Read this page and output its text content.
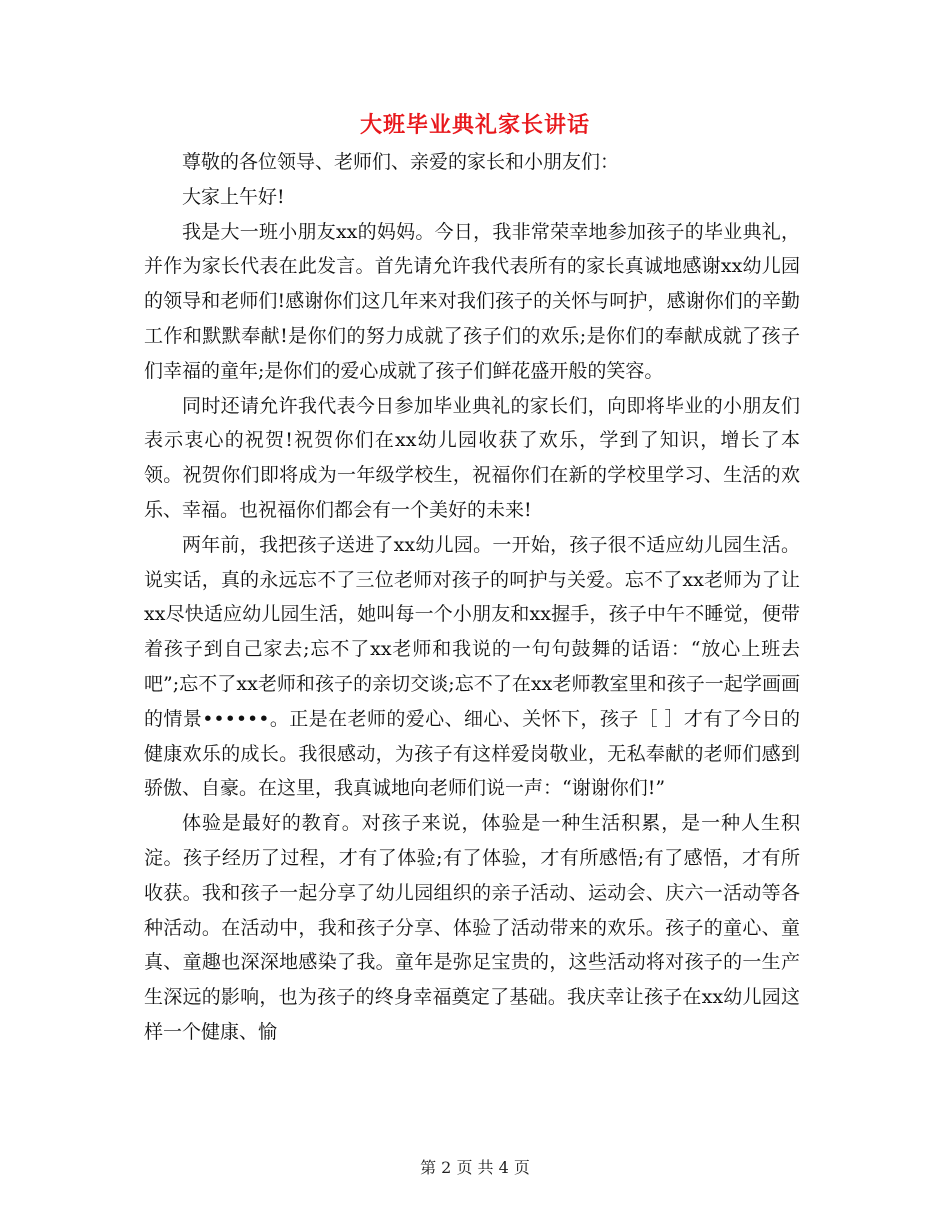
大班毕业典礼家长讲话

尊敬的各位领导、老师们、亲爱的家长和小朋友们：

大家上午好!

我是大一班小朋友xx的妈妈。今日，我非常荣幸地参加孩子的毕业典礼，并作为家长代表在此发言。首先请允许我代表所有的家长真诚地感谢xx幼儿园的领导和老师们!感谢你们这几年来对我们孩子的关怀与呵护，感谢你们的辛勤工作和默默奉献!是你们的努力成就了孩子们的欢乐;是你们的奉献成就了孩子们幸福的童年;是你们的爱心成就了孩子们鲜花盛开般的笑容。

同时还请允许我代表今日参加毕业典礼的家长们，向即将毕业的小朋友们表示衷心的祝贺!祝贺你们在xx幼儿园收获了欢乐，学到了知识，增长了本领。祝贺你们即将成为一年级学校生，祝福你们在新的学校里学习、生活的欢乐、幸福。也祝福你们都会有一个美好的未来!

两年前，我把孩子送进了xx幼儿园。一开始，孩子很不适应幼儿园生活。说实话，真的永远忘不了三位老师对孩子的呵护与关爱。忘不了xx老师为了让xx尽快适应幼儿园生活，她叫每一个小朋友和xx握手，孩子中午不睡觉，便带着孩子到自己家去;忘不了xx老师和我说的一句句鼓舞的话语：“放心上班去吧”;忘不了xx老师和孩子的亲切交谈;忘不了在xx老师教室里和孩子一起学画画的情景••••••。正是在老师的爱心、细心、关怀下，孩子［ ］才有了今日的健康欢乐的成长。我很感动，为孩子有这样爱岗敬业，无私奉献的老师们感到骄傲、自豪。在这里，我真诚地向老师们说一声：“谢谢你们!”

体验是最好的教育。对孩子来说，体验是一种生活积累，是一种人生积淀。孩子经历了过程，才有了体验;有了体验，才有所感悟;有了感悟，才有所收获。我和孩子一起分享了幼儿园组织的亲子活动、运动会、庆六一活动等各种活动。在活动中，我和孩子分享、体验了活动带来的欢乐。孩子的童心、童真、童趣也深深地感染了我。童年是弥足宝贵的，这些活动将对孩子的一生产生深远的影响，也为孩子的终身幸福奠定了基础。我庆幸让孩子在xx幼儿园这样一个健康、愉

第 2 页 共 4 页
